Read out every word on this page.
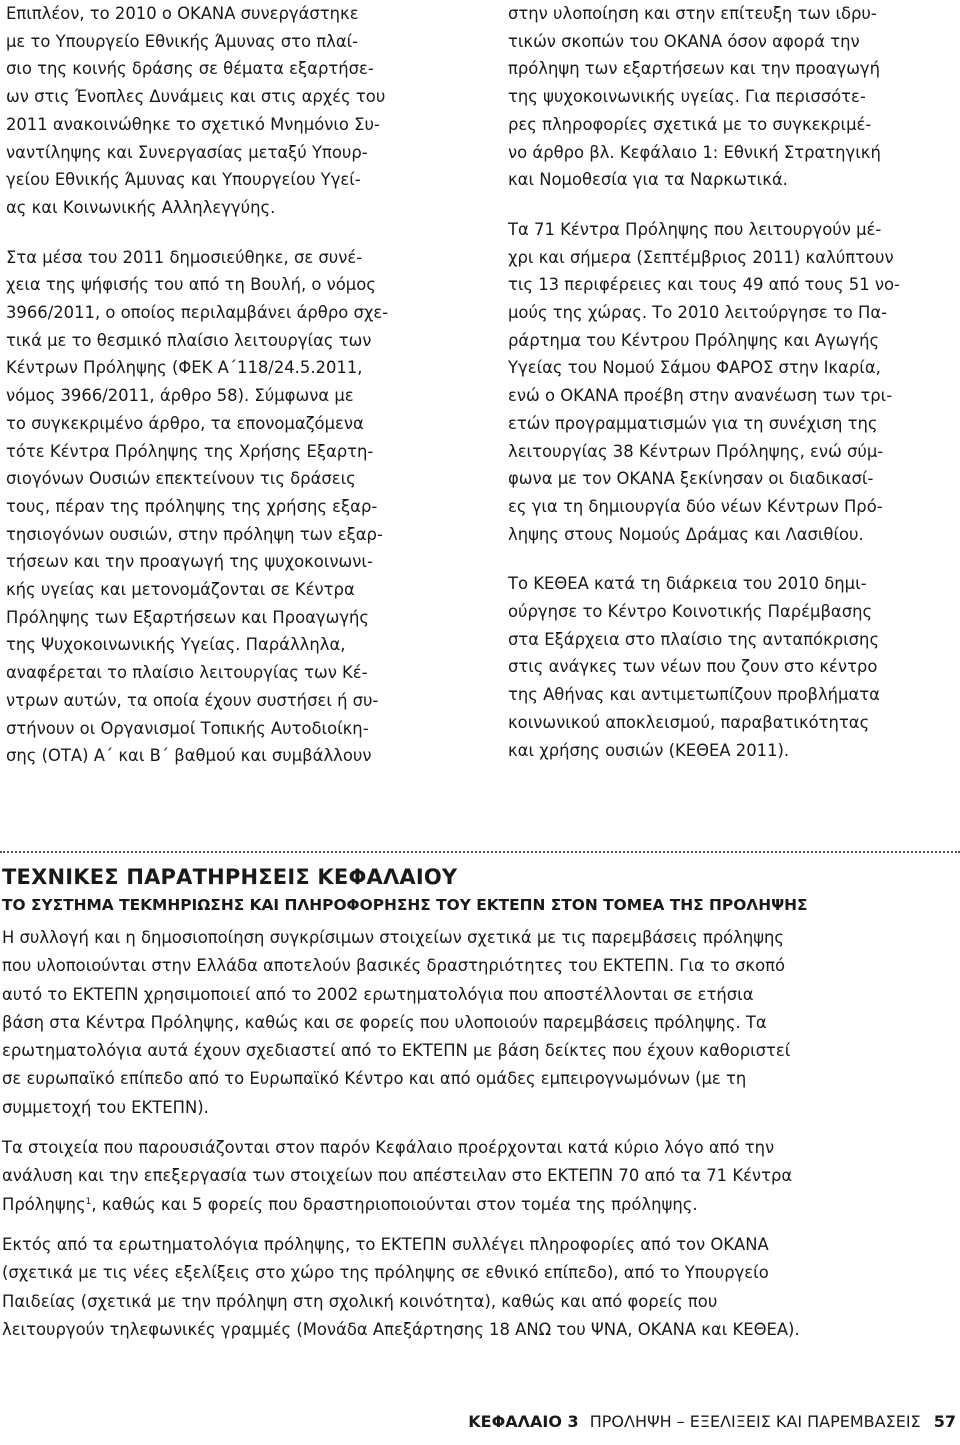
Επιπλέον, το 2010 ο ΟΚΑΝΑ συνεργάστηκε
με το Υπουργείο Εθνικής Άμυνας στο πλαί-
σιο της κοινής δράσης σε θέματα εξαρτήσε-
ων στις Ένοπλες Δυνάμεις και στις αρχές του
2011 ανακοινώθηκε το σχετικό Μνημόνιο Συ-
ναντίληψης και Συνεργασίας μεταξύ Υπουρ-
γείου Εθνικής Άμυνας και Υπουργείου Υγεί-
ας και Κοινωνικής Αλληλεγγύης.

Στα μέσα του 2011 δημοσιεύθηκε, σε συνέ-
χεια της ψήφισής του από τη Βουλή, ο νόμος
3966/2011, ο οποίος περιλαμβάνει άρθρο σχε-
τικά με το θεσμικό πλαίσιο λειτουργίας των
Κέντρων Πρόληψης (ΦΕΚ Α΄118/24.5.2011,
νόμος 3966/2011, άρθρο 58). Σύμφωνα με
το συγκεκριμένο άρθρο, τα επονομαζόμενα
τότε Κέντρα Πρόληψης της Χρήσης Εξαρτη-
σιογόνων Ουσιών επεκτείνουν τις δράσεις
τους, πέραν της πρόληψης της χρήσης εξαρ-
τησιογόνων ουσιών, στην πρόληψη των εξαρ-
τήσεων και την προαγωγή της ψυχοκοινωνι-
κής υγείας και μετονομάζονται σε Κέντρα
Πρόληψης των Εξαρτήσεων και Προαγωγής
της Ψυχοκοινωνικής Υγείας. Παράλληλα,
αναφέρεται το πλαίσιο λειτουργίας των Κέ-
ντρων αυτών, τα οποία έχουν συστήσει ή συ-
στήνουν οι Οργανισμοί Τοπικής Αυτοδιοίκη-
σης (ΟΤΑ) Α΄ και Β΄ βαθμού και συμβάλλουν

στην υλοποίηση και στην επίτευξη των ιδρυ-
τικών σκοπών του ΟΚΑΝΑ όσον αφορά την
πρόληψη των εξαρτήσεων και την προαγωγή
της ψυχοκοινωνικής υγείας. Για περισσότε-
ρες πληροφορίες σχετικά με το συγκεκριμέ-
νο άρθρο βλ. Κεφάλαιο 1: Εθνική Στρατηγική
και Νομοθεσία για τα Ναρκωτικά.

Τα 71 Κέντρα Πρόληψης που λειτουργούν μέ-
χρι και σήμερα (Σεπτέμβριος 2011) καλύπτουν
τις 13 περιφέρειες και τους 49 από τους 51 νο-
μούς της χώρας. Το 2010 λειτούργησε το Πα-
ράρτημα του Κέντρου Πρόληψης και Αγωγής
Υγείας του Νομού Σάμου ΦΑΡΟΣ στην Ικαρία,
ενώ ο ΟΚΑΝΑ προέβη στην ανανέωση των τρι-
ετών προγραμματισμών για τη συνέχιση της
λειτουργίας 38 Κέντρων Πρόληψης, ενώ σύμ-
φωνα με τον ΟΚΑΝΑ ξεκίνησαν οι διαδικασί-
ες για τη δημιουργία δύο νέων Κέντρων Πρό-
ληψης στους Νομούς Δράμας και Λασιθίου.

Το ΚΕΘΕΑ κατά τη διάρκεια του 2010 δημι-
ούργησε το Κέντρο Κοινοτικής Παρέμβασης
στα Εξάρχεια στο πλαίσιο της ανταπόκρισης
στις ανάγκες των νέων που ζουν στο κέντρο
της Αθήνας και αντιμετωπίζουν προβλήματα
κοινωνικού αποκλεισμού, παραβατικότητας
και χρήσης ουσιών (ΚΕΘΕΑ 2011).

ΤΕΧΝΙΚΕΣ ΠΑΡΑΤΗΡΗΣΕΙΣ ΚΕΦΑΛΑΙΟΥ
ΤΟ ΣΥΣΤΗΜΑ ΤΕΚΜΗΡΙΩΣΗΣ ΚΑΙ ΠΛΗΡΟΦΟΡΗΣΗΣ ΤΟΥ ΕΚΤΕΠΝ ΣΤΟΝ ΤΟΜΕΑ ΤΗΣ ΠΡΟΛΗΨΗΣ

Η συλλογή και η δημοσιοποίηση συγκρίσιμων στοιχείων σχετικά με τις παρεμβάσεις πρόληψης
που υλοποιούνται στην Ελλάδα αποτελούν βασικές δραστηριότητες του ΕΚΤΕΠΝ. Για το σκοπό
αυτό το ΕΚΤΕΠΝ χρησιμοποιεί από το 2002 ερωτηματολόγια που αποστέλλονται σε ετήσια
βάση στα Κέντρα Πρόληψης, καθώς και σε φορείς που υλοποιούν παρεμβάσεις πρόληψης. Τα
ερωτηματολόγια αυτά έχουν σχεδιαστεί από το ΕΚΤΕΠΝ με βάση δείκτες που έχουν καθοριστεί
σε ευρωπαϊκό επίπεδο από το Ευρωπαϊκό Κέντρο και από ομάδες εμπειρογνωμόνων (με τη
συμμετοχή του ΕΚΤΕΠΝ).

Τα στοιχεία που παρουσιάζονται στον παρόν Κεφάλαιο προέρχονται κατά κύριο λόγο από την
ανάλυση και την επεξεργασία των στοιχείων που απέστειλαν στο ΕΚΤΕΠΝ 70 από τα 71 Κέντρα
Πρόληψης$^1$, καθώς και 5 φορείς που δραστηριοποιούνται στον τομέα της πρόληψης.

Εκτός από τα ερωτηματολόγια πρόληψης, το ΕΚΤΕΠΝ συλλέγει πληροφορίες από τον ΟΚΑΝΑ
(σχετικά με τις νέες εξελίξεις στο χώρο της πρόληψης σε εθνικό επίπεδο), από το Υπουργείο
Παιδείας (σχετικά με την πρόληψη στη σχολική κοινότητα), καθώς και από φορείς που
λειτουργούν τηλεφωνικές γραμμές (Μονάδα Απεξάρτησης 18 ΑΝΩ του ΨΝΑ, ΟΚΑΝΑ και ΚΕΘΕΑ).

ΚΕΦΑΛΑΙΟ 3 ΠΡΟΛΗΨΗ – ΕΞΕΛΙΞΕΙΣ ΚΑΙ ΠΑΡΕΜΒΑΣΕΙΣ 57
